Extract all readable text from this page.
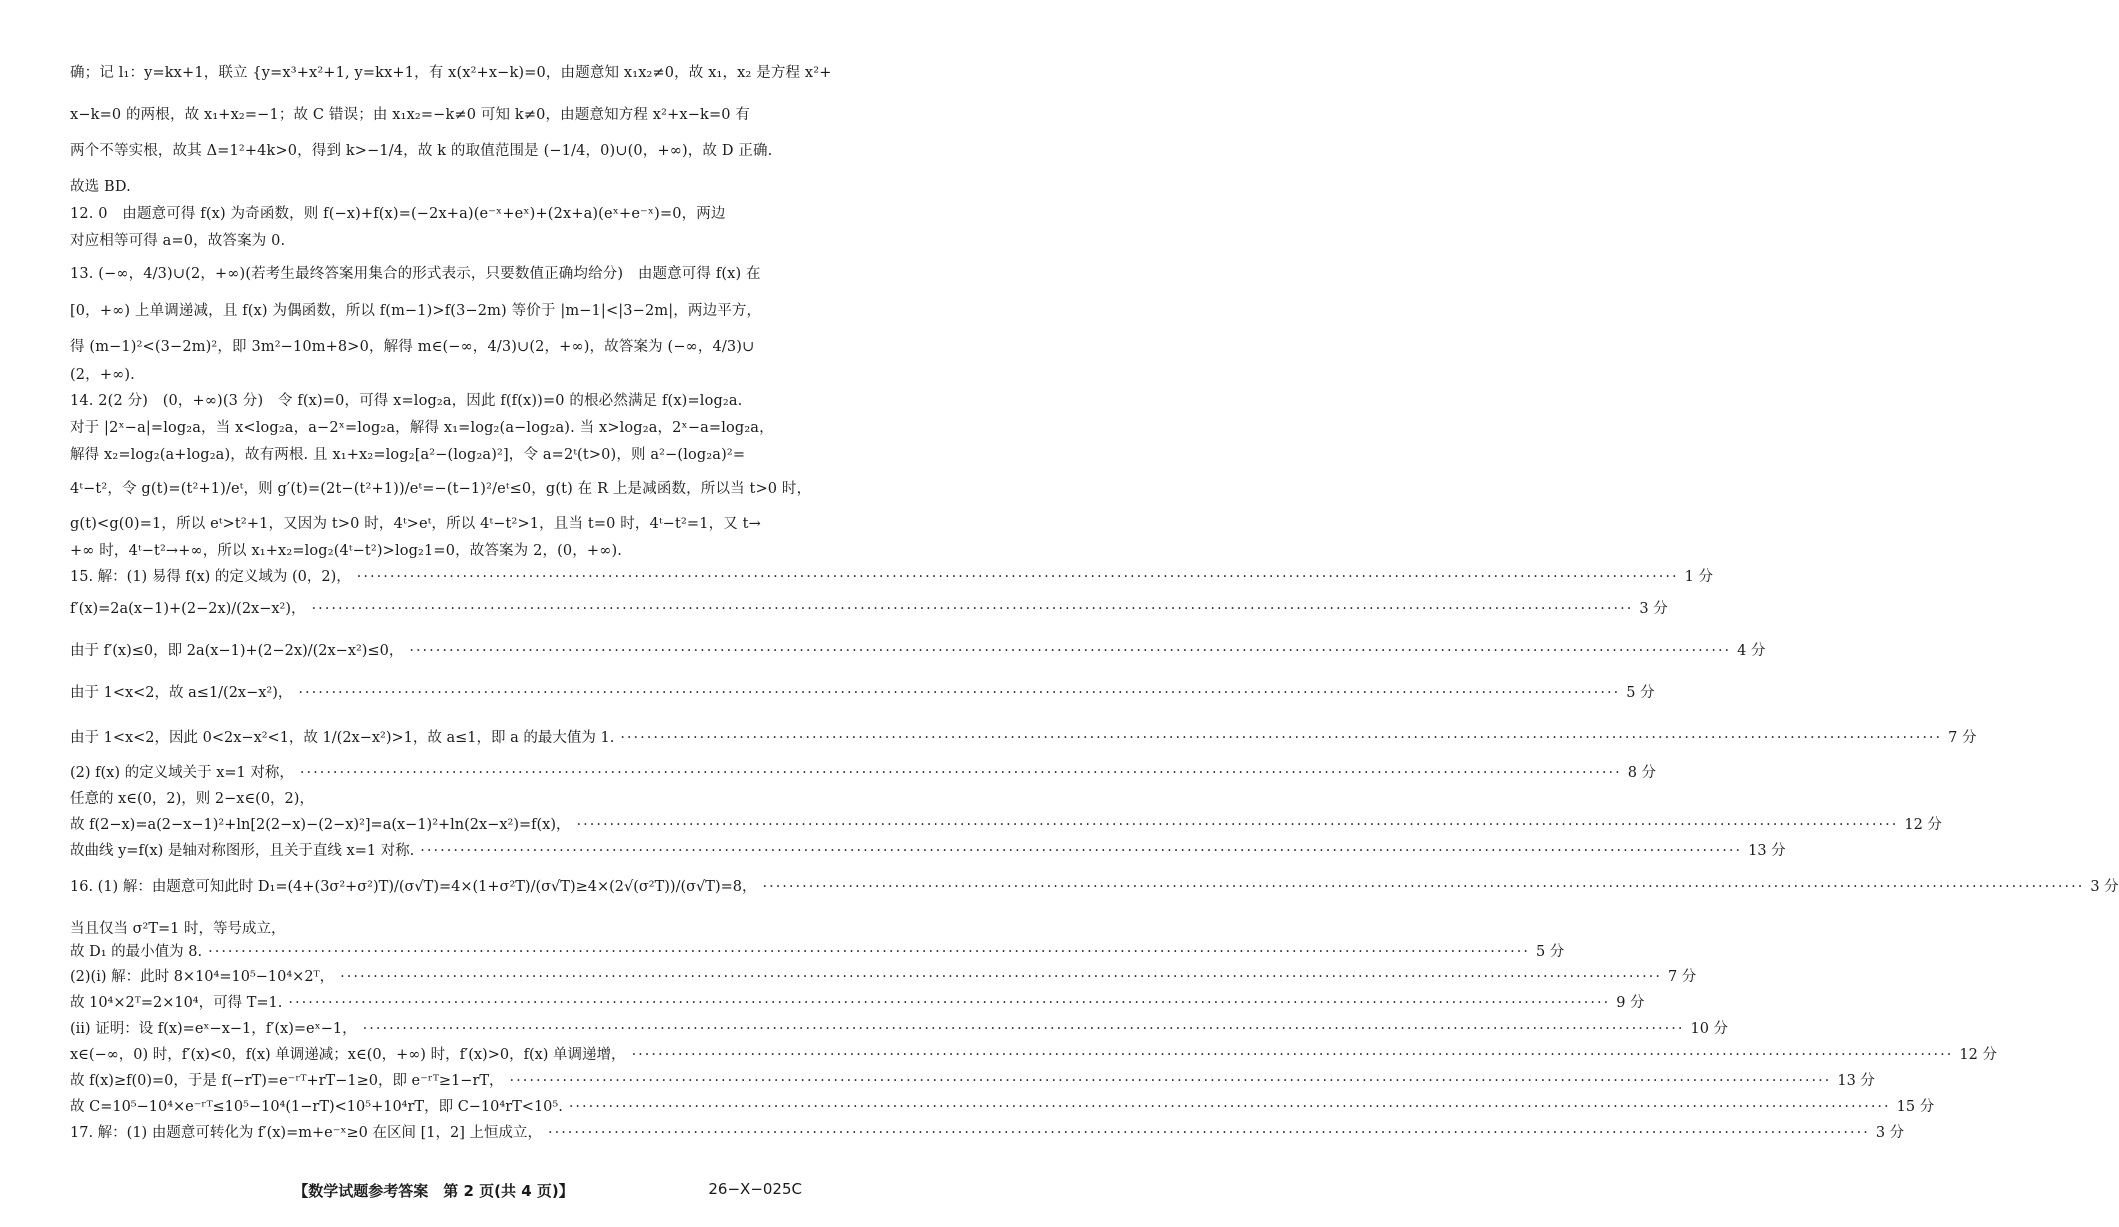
确；记 l₁：y=kx+1，联立 {y=x³+x²+1, y=kx+1，有 x(x²+x−k)=0，由题意知 x₁x₂≠0，故 x₁，x₂ 是方程 x²+
x−k=0 的两根，故 x₁+x₂=−1；故 C 错误；由 x₁x₂=−k≠0 可知 k≠0，由题意知方程 x²+x−k=0 有
两个不等实根，故其 Δ=1²+4k>0，得到 k>−1/4，故 k 的取值范围是 (−1/4，0)∪(0，+∞)，故 D 正确.
故选 BD.
12. 0　由题意可得 f(x) 为奇函数，则 f(−x)+f(x)=(−2x+a)(e⁻ˣ+eˣ)+(2x+a)(eˣ+e⁻ˣ)=0，两边
对应相等可得 a=0，故答案为 0.
13. (−∞，4/3)∪(2，+∞)(若考生最终答案用集合的形式表示，只要数值正确均给分)　由题意可得 f(x) 在
[0，+∞) 上单调递减，且 f(x) 为偶函数，所以 f(m−1)>f(3−2m) 等价于 |m−1|<|3−2m|，两边平方，
得 (m−1)²<(3−2m)²，即 3m²−10m+8>0，解得 m∈(−∞，4/3)∪(2，+∞)，故答案为 (−∞，4/3)∪
(2，+∞).
14. 2(2 分)　(0，+∞)(3 分)　令 f(x)=0，可得 x=log₂a，因此 f(f(x))=0 的根必然满足 f(x)=log₂a.
对于 |2ˣ−a|=log₂a，当 x<log₂a，a−2ˣ=log₂a，解得 x₁=log₂(a−log₂a). 当 x>log₂a，2ˣ−a=log₂a，
解得 x₂=log₂(a+log₂a)，故有两根. 且 x₁+x₂=log₂[a²−(log₂a)²]，令 a=2ᵗ(t>0)，则 a²−(log₂a)²=
4ᵗ−t²，令 g(t)=(t²+1)/eᵗ，则 g′(t)=(2t−(t²+1))/eᵗ=−(t−1)²/eᵗ≤0，g(t) 在 R 上是减函数，所以当 t>0 时，
g(t)<g(0)=1，所以 eᵗ>t²+1，又因为 t>0 时，4ᵗ>eᵗ，所以 4ᵗ−t²>1，且当 t=0 时，4ᵗ−t²=1，又 t→
+∞ 时，4ᵗ−t²→+∞，所以 x₁+x₂=log₂(4ᵗ−t²)>log₂1=0，故答案为 2，(0，+∞).
15. 解：(1) 易得 f(x) 的定义域为 (0，2)， ········································································································································································································ 1 分
f′(x)=2a(x−1)+(2−2x)/(2x−x²)， ········································································································································································································ 3 分
由于 f′(x)≤0，即 2a(x−1)+(2−2x)/(2x−x²)≤0， ········································································································································································································ 4 分
由于 1<x<2，故 a≤1/(2x−x²)， ········································································································································································································ 5 分
由于 1<x<2，因此 0<2x−x²<1，故 1/(2x−x²)>1，故 a≤1，即 a 的最大值为 1. ········································································································································································································ 7 分
(2) f(x) 的定义域关于 x=1 对称， ········································································································································································································ 8 分
任意的 x∈(0，2)，则 2−x∈(0，2)，
故 f(2−x)=a(2−x−1)²+ln[2(2−x)−(2−x)²]=a(x−1)²+ln(2x−x²)=f(x)， ········································································································································································································ 12 分
故曲线 y=f(x) 是轴对称图形，且关于直线 x=1 对称. ········································································································································································································ 13 分
16. (1) 解：由题意可知此时 D₁=(4+(3σ²+σ²)T)/(σ√T)=4×(1+σ²T)/(σ√T)≥4×(2√(σ²T))/(σ√T)=8， ········································································································································································································ 3 分
当且仅当 σ²T=1 时，等号成立，
故 D₁ 的最小值为 8. ········································································································································································································ 5 分
(2)(ⅰ) 解：此时 8×10⁴=10⁵−10⁴×2ᵀ， ········································································································································································································ 7 分
故 10⁴×2ᵀ=2×10⁴，可得 T=1. ········································································································································································································ 9 分
(ⅱ) 证明：设 f(x)=eˣ−x−1，f′(x)=eˣ−1， ········································································································································································································ 10 分
x∈(−∞，0) 时，f′(x)<0，f(x) 单调递减；x∈(0，+∞) 时，f′(x)>0，f(x) 单调递增， ········································································································································································································ 12 分
故 f(x)≥f(0)=0，于是 f(−rT)=e⁻ʳᵀ+rT−1≥0，即 e⁻ʳᵀ≥1−rT， ········································································································································································································ 13 分
故 C=10⁵−10⁴×e⁻ʳᵀ≤10⁵−10⁴(1−rT)<10⁵+10⁴rT，即 C−10⁴rT<10⁵. ········································································································································································································ 15 分
17. 解：(1) 由题意可转化为 f′(x)=m+e⁻ˣ≥0 在区间 [1，2] 上恒成立， ········································································································································································································ 3 分
【数学试题参考答案　第 2 页(共 4 页)】	26−X−025C
